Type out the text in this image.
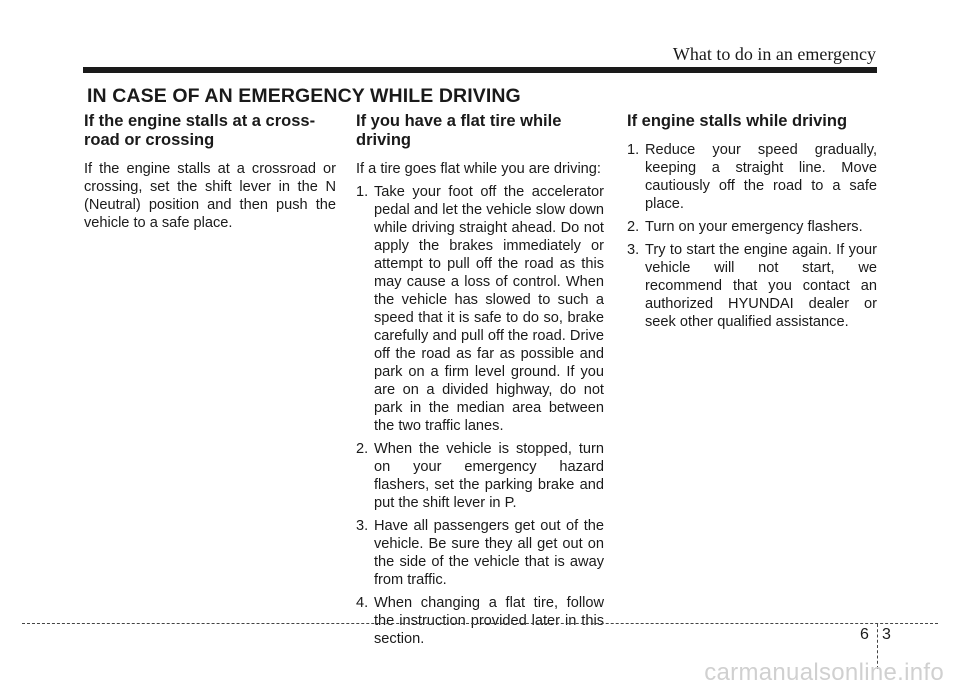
What to do in an emergency
IN CASE OF AN EMERGENCY WHILE DRIVING
If the engine stalls at a cross-road or crossing

If the engine stalls at a crossroad or crossing, set the shift lever in the N (Neutral) position and then push the vehicle to a safe place.

If you have a flat tire while driving

If a tire goes flat while you are driving:

1. Take your foot off the accelerator pedal and let the vehicle slow down while driving straight ahead. Do not apply the brakes immediately or attempt to pull off the road as this may cause a loss of control. When the vehicle has slowed to such a speed that it is safe to do so, brake carefully and pull off the road. Drive off the road as far as possible and park on a firm level ground. If you are on a divided highway, do not park in the median area between the two traffic lanes.
2. When the vehicle is stopped, turn on your emergency hazard flashers, set the parking brake and put the shift lever in P.
3. Have all passengers get out of the vehicle. Be sure they all get out on the side of the vehicle that is away from traffic.
4. When changing a flat tire, follow the instruction provided later in this section.
If engine stalls while driving
1. Reduce your speed gradually, keeping a straight line. Move cautiously off the road to a safe place.
2. Turn on your emergency flashers.
3. Try to start the engine again. If your vehicle will not start, we recommend that you contact an authorized HYUNDAI dealer or seek other qualified assistance.
6 3
carmanualsonline.info
